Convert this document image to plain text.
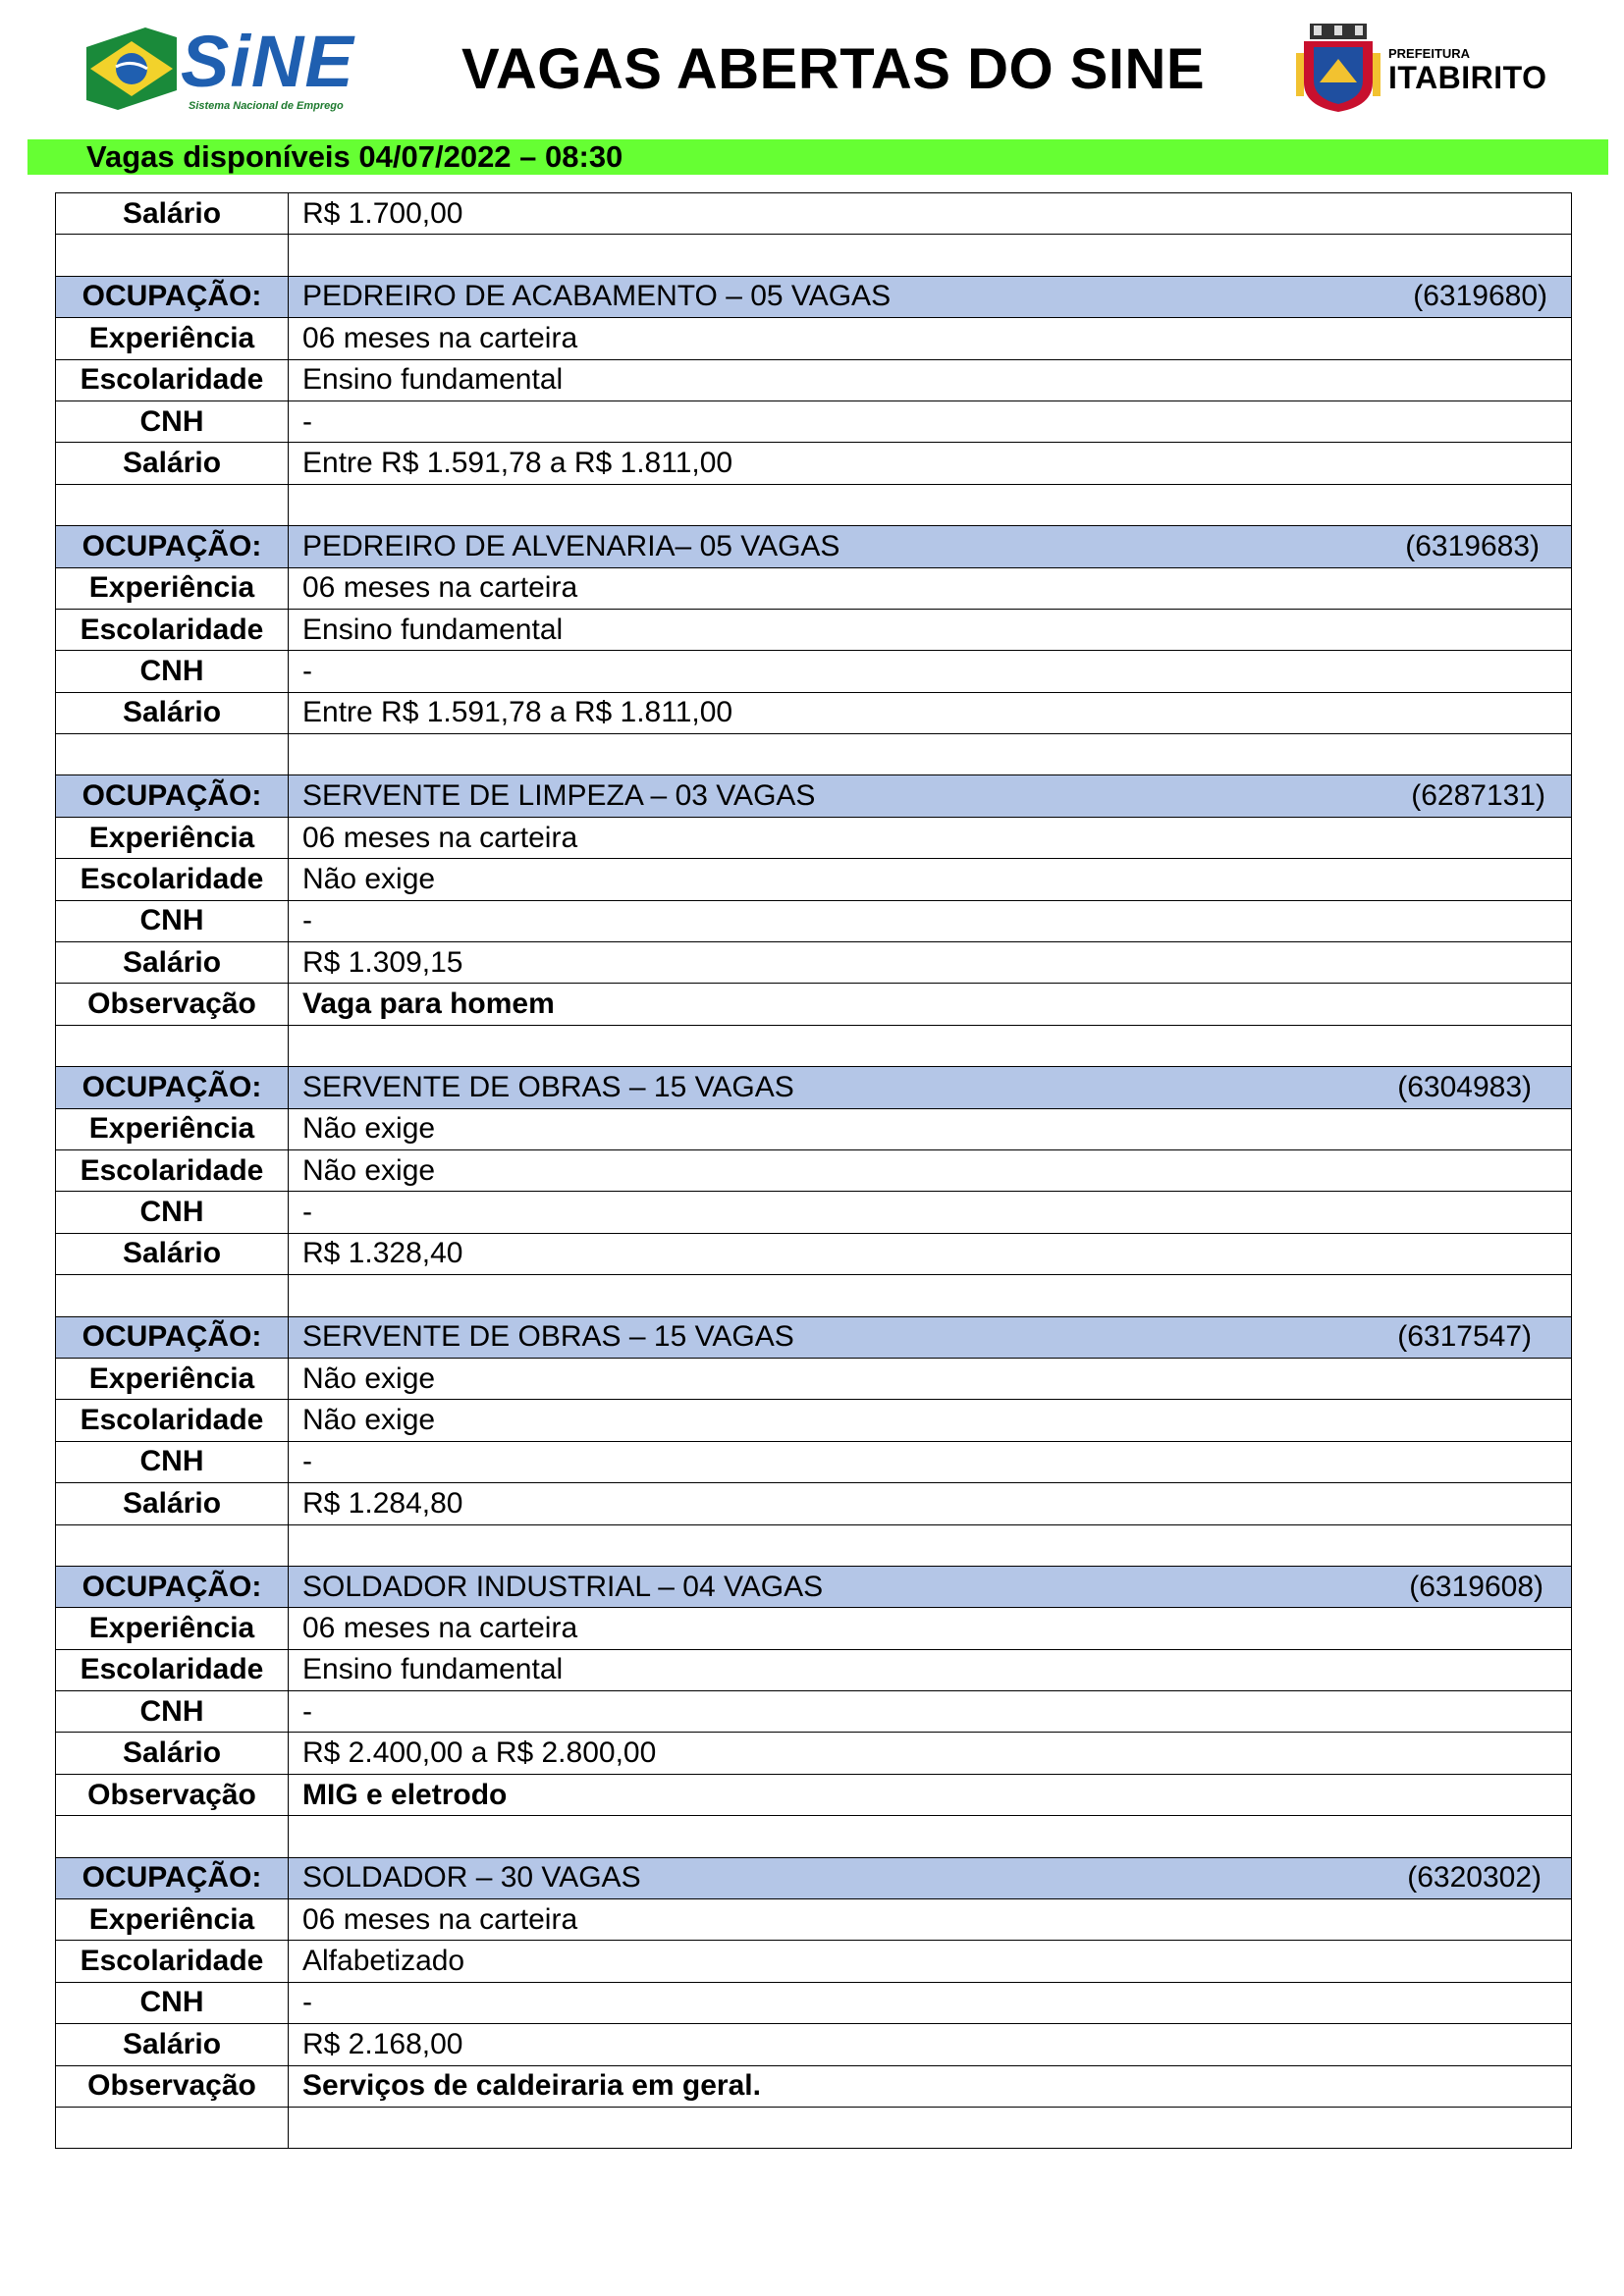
SiNE
Sistema Nacional de Emprego
VAGAS ABERTAS DO SINE	PREFEITURA
ITABIRITO
Vagas disponíveis 04/07/2022 – 08:30
Salário	R$ 1.700,00

OCUPAÇÃO:	PEDREIRO DE ACABAMENTO – 05 VAGAS (6319680)

Experiência	06 meses na carteira
Escolaridade	Ensino fundamental
CNH	-
Salário	Entre R$ 1.591,78 a R$ 1.811,00

OCUPAÇÃO:	PEDREIRO DE ALVENARIA– 05 VAGAS (6319683)

Experiência	06 meses na carteira
Escolaridade	Ensino fundamental
CNH	-
Salário	Entre R$ 1.591,78 a R$ 1.811,00

OCUPAÇÃO:	SERVENTE DE LIMPEZA – 03 VAGAS (6287131)

Experiência	06 meses na carteira
Escolaridade	Não exige
CNH	-
Salário	R$ 1.309,15
Observação	Vaga para homem

OCUPAÇÃO:	SERVENTE DE OBRAS – 15 VAGAS (6304983)

Experiência	Não exige
Escolaridade	Não exige
CNH	-
Salário	R$ 1.328,40

OCUPAÇÃO:	SERVENTE DE OBRAS – 15 VAGAS (6317547)

Experiência	Não exige
Escolaridade	Não exige
CNH	-
Salário	R$ 1.284,80

OCUPAÇÃO:	SOLDADOR INDUSTRIAL – 04 VAGAS (6319608)

Experiência	06 meses na carteira
Escolaridade	Ensino fundamental
CNH	-
Salário	R$ 2.400,00 a R$ 2.800,00
Observação	MIG e eletrodo

OCUPAÇÃO:	SOLDADOR – 30 VAGAS (6320302)

Experiência	06 meses na carteira
Escolaridade	Alfabetizado
CNH	-
Salário	R$ 2.168,00
Observação	Serviços de caldeiraria em geral.
